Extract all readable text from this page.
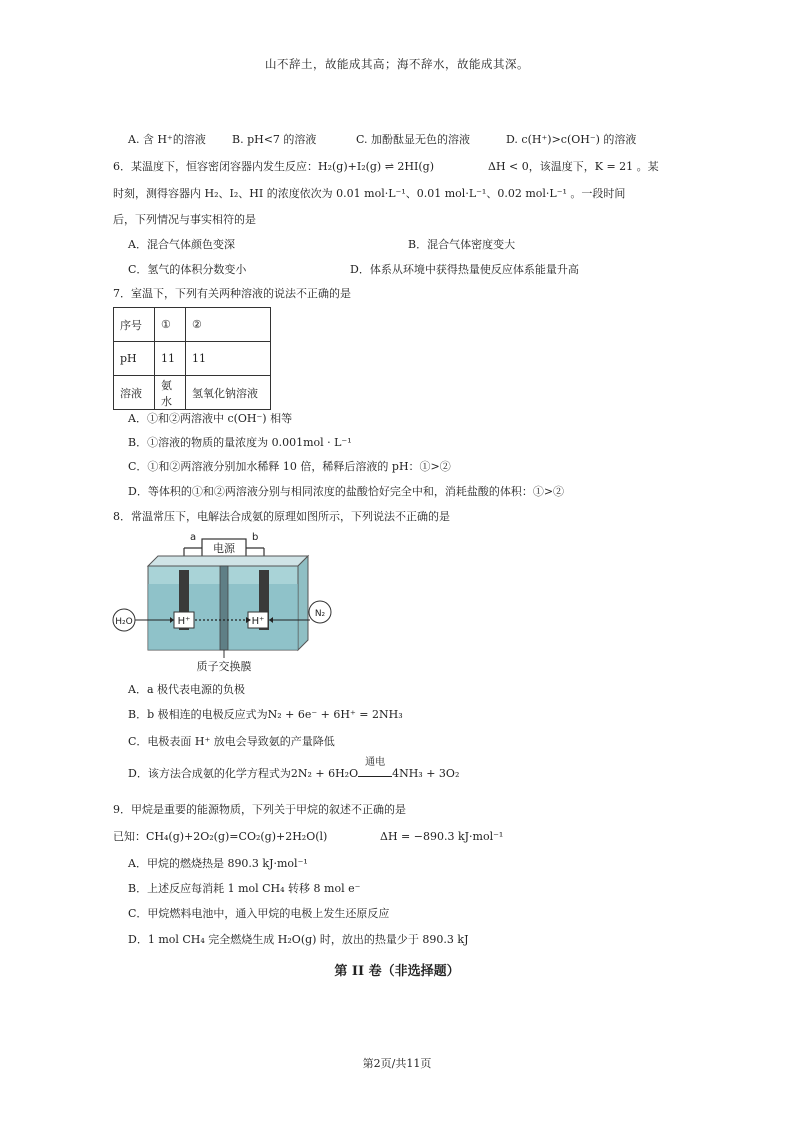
山不辞土，故能成其高；海不辞水，故能成其深。
A. 含 H⁺的溶液 B. pH<7 的溶液	C. 加酚酞显无色的溶液	D. c(H⁺)>c(OH⁻) 的溶液
6．某温度下，恒容密闭容器内发生反应：H₂(g)+I₂(g) ⇌ 2HI(g)	ΔH < 0，该温度下，K = 21 。某
时刻，测得容器内 H₂、I₂、HI 的浓度依次为 0.01 mol·L⁻¹、0.01 mol·L⁻¹、0.02 mol·L⁻¹ 。一段时间
后，下列情况与事实相符的是
A．混合气体颜色变深	B．混合气体密度变大
C．氢气的体积分数变小	D．体系从环境中获得热量使反应体系能量升高
7．室温下，下列有关两种溶液的说法不正确的是
序号	①	②
pH	11	11
溶液	氨水	氢氧化钠溶液
A．①和②两溶液中 c(OH⁻) 相等
B．①溶液的物质的量浓度为 0.001mol · L⁻¹
C．①和②两溶液分别加水稀释 10 倍，稀释后溶液的 pH：①>②
D．等体积的①和②两溶液分别与相同浓度的盐酸恰好完全中和，消耗盐酸的体积：①>②
8．常温常压下，电解法合成氨的原理如图所示，下列说法不正确的是
电源
a	b
H⁺	H⁺
H₂O
N₂
质子交换膜
A．a 极代表电源的负极
B．b 极相连的电极反应式为N₂ + 6e⁻ + 6H⁺ = 2NH₃
C．电极表面 H⁺ 放电会导致氨的产量降低
D．该方法合成氨的化学方程式为2N₂ + 6H₂O
通电
4NH₃ + 3O₂
9．甲烷是重要的能源物质，下列关于甲烷的叙述不正确的是
已知：CH₄(g)+2O₂(g)=CO₂(g)+2H₂O(l)	ΔH = −890.3 kJ·mol⁻¹
A．甲烷的燃烧热是 890.3 kJ·mol⁻¹
B．上述反应每消耗 1 mol CH₄ 转移 8 mol e⁻
C．甲烷燃料电池中，通入甲烷的电极上发生还原反应
D．1 mol CH₄ 完全燃烧生成 H₂O(g) 时，放出的热量少于 890.3 kJ
第 II 卷（非选择题）
第2页/共11页
